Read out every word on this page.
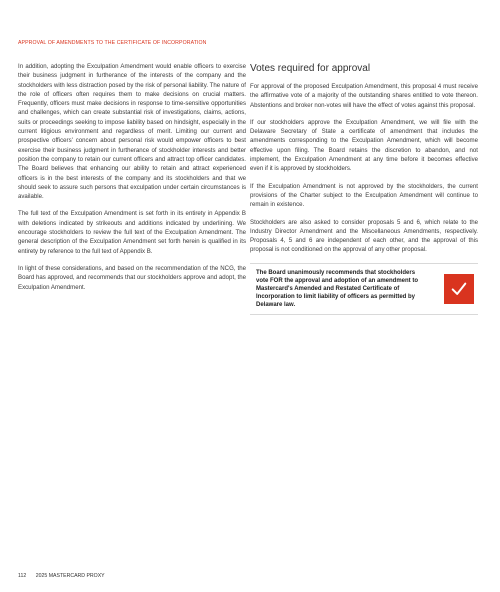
APPROVAL OF AMENDMENTS TO THE CERTIFICATE OF INCORPORATION

In addition, adopting the Exculpation Amendment would enable officers to exercise their business judgment in furtherance of the interests of the company and the stockholders with less distraction posed by the risk of personal liability. The nature of the role of officers often requires them to make decisions on crucial matters. Frequently, officers must make decisions in response to time-sensitive opportunities and challenges, which can create substantial risk of investigations, claims, actions, suits or proceedings seeking to impose liability based on hindsight, especially in the current litigious environment and regardless of merit. Limiting our current and prospective officers' concern about personal risk would empower officers to best exercise their business judgment in furtherance of stockholder interests and better position the company to retain our current officers and attract top officer candidates. The Board believes that enhancing our ability to retain and attract experienced officers is in the best interests of the company and its stockholders and that we should seek to assure such persons that exculpation under certain circumstances is available.

The full text of the Exculpation Amendment is set forth in its entirety in Appendix B with deletions indicated by strikeouts and additions indicated by underlining. We encourage stockholders to review the full text of the Exculpation Amendment. The general description of the Exculpation Amendment set forth herein is qualified in its entirety by reference to the full text of Appendix B.

In light of these considerations, and based on the recommendation of the NCG, the Board has approved, and recommends that our stockholders approve and adopt, the Exculpation Amendment.

Votes required for approval

For approval of the proposed Exculpation Amendment, this proposal 4 must receive the affirmative vote of a majority of the outstanding shares entitled to vote thereon. Abstentions and broker non-votes will have the effect of votes against this proposal.

If our stockholders approve the Exculpation Amendment, we will file with the Delaware Secretary of State a certificate of amendment that includes the amendments corresponding to the Exculpation Amendment, which will become effective upon filing. The Board retains the discretion to abandon, and not implement, the Exculpation Amendment at any time before it becomes effective even if it is approved by stockholders.

If the Exculpation Amendment is not approved by the stockholders, the current provisions of the Charter subject to the Exculpation Amendment will continue to remain in existence.

Stockholders are also asked to consider proposals 5 and 6, which relate to the Industry Director Amendment and the Miscellaneous Amendments, respectively. Proposals 4, 5 and 6 are independent of each other, and the approval of this proposal is not conditioned on the approval of any other proposal.

The Board unanimously recommends that stockholders vote FOR the approval and adoption of an amendment to Mastercard's Amended and Restated Certificate of Incorporation to limit liability of officers as permitted by Delaware law.
112 2025 MASTERCARD PROXY
